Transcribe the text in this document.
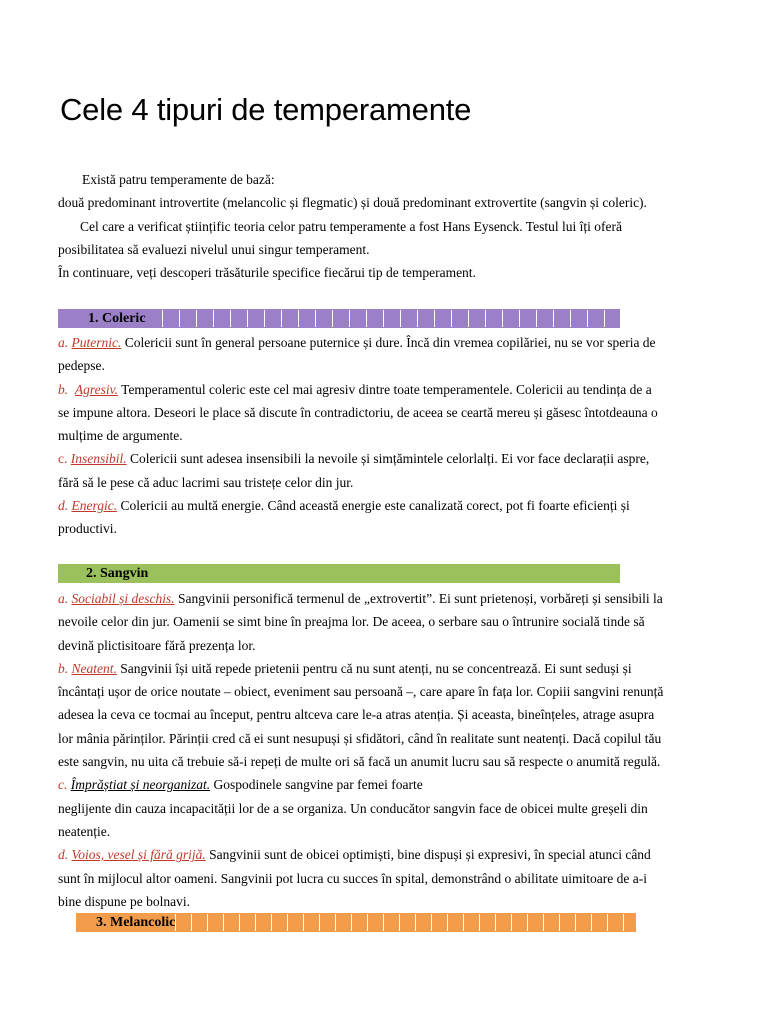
Cele 4 tipuri de temperamente

Există patru temperamente de bază:

două predominant introvertite (melancolic și flegmatic) și două predominant extrovertite (sangvin și coleric).

Cel care a verificat științific teoria celor patru temperamente a fost Hans Eysenck. Testul lui îți oferă

posibilitatea să evaluezi nivelul unui singur temperament.

În continuare, veți descoperi trăsăturile specifice fiecărui tip de temperament.

1. Coleric

a. Puternic. Colericii sunt în general persoane puternice și dure. Încă din vremea copilăriei, nu se vor speria de
pedepse.

b. Agresiv. Temperamentul coleric este cel mai agresiv dintre toate temperamentele. Colericii au tendința de a
se impune altora. Deseori le place să discute în contradictoriu, de aceea se ceartă mereu și găsesc întotdeauna o
mulțime de argumente.

c. Insensibil. Colericii sunt adesea insensibili la nevoile și simțămintele celorlalți. Ei vor face declarații aspre,
fără să le pese că aduc lacrimi sau tristețe celor din jur.

d. Energic. Colericii au multă energie. Când această energie este canalizată corect, pot fi foarte eficienți și
productivi.

2. Sangvin

a. Sociabil și deschis. Sangvinii personifică termenul de „extrovertit”. Ei sunt prietenoși, vorbăreți și sensibili la
nevoile celor din jur. Oamenii se simt bine în preajma lor. De aceea, o serbare sau o întrunire socială tinde să
devină plictisitoare fără prezența lor.

b. Neatent. Sangvinii își uită repede prietenii pentru că nu sunt atenți, nu se concentrează. Ei sunt seduși și
încântați ușor de orice noutate – obiect, eveniment sau persoană –, care apare în fața lor. Copiii sangvini renunță
adesea la ceva ce tocmai au început, pentru altceva care le-a atras atenția. Și aceasta, bineînțeles, atrage asupra
lor mânia părinților. Părinții cred că ei sunt nesupuși și sfidători, când în realitate sunt neatenți. Dacă copilul tău
este sangvin, nu uita că trebuie să-i repeți de multe ori să facă un anumit lucru sau să respecte o anumită regulă.

c. Împrăștiat și neorganizat. Gospodinele sangvine par femei foarte
neglijente din cauza incapacității lor de a se organiza. Un conducător sangvin face de obicei multe greșeli din
neatenție.

d. Voios, vesel și fără grijă. Sangvinii sunt de obicei optimiști, bine dispuși și expresivi, în special atunci când
sunt în mijlocul altor oameni. Sangvinii pot lucra cu succes în spital, demonstrând o abilitate uimitoare de a-i
bine dispune pe bolnavi.

3. Melancolic
